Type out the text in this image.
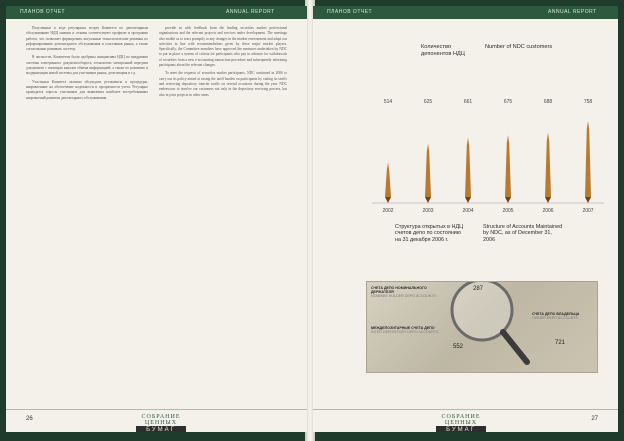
ПЛАНОВ ОТЧЕТ	ANNUAL REPORT

Полученные в ходе регулярных встреч Комитета по депозитарным обслуживанию НДЦ мнения и отзывы соответствуют профилю и программе работы, что позволяет формировать актуальные технологические решения по реформированию депозитарного обслуживания и участников рынка, а также согласованно развивать систему.

В частности, Комитетом были одобрены инициативы НДЦ по внедрению системы электронного документооборота, технологии электронной передачи документов с помощью каналов обмена информацией, а также по развитию и модернизации новой системы для участников рынка, депозитария и т.д.

Участники Комитета активно обсуждали регламенты и процедуры, направленные на обеспечение надежности и прозрачности учета. Регулярно проводятся опросы участников для выявления наиболее востребованных направлений развития депозитарного обслуживания.

provide us with feedback from the leading securities market professional organisations and the relevant projects and services under development. The meetings also enable us to react promptly to any changes in the market environment and adapt our activities in line with recommendations given by these major market players. Specifically, the Committee members have approved the measures undertaken by NDC to put in place a system of criteria for participants who pay in advance for withdrawals of securities from a new e-accounting transaction procedure and subsequently informing participants about the relevant changes.

To meet the requests of securities market participants, NDC continued in 2006 to carry out its policy aimed at easing the tariff burden on participants by cutting its tariffs and reviewing depository transfer tariffs on several occasions during the year. NDC endeavours to involve our customers not only in the depository servicing process, but also in joint projects in other areas.

26	СОБРАНИЕ ЦЕННЫХ
БУМАГ
ПЛАНОВ ОТЧЕТ	ANNUAL REPORT
Количество депонентов НДЦ
Number of NDC customers
514
2002
625
2003
661
2004
675
2005
688
2006
758
2007
Структура открытых в НДЦ счетов депо по состоянию на 31 декабря 2006 г.
Structure of Accounts Maintained by NDC, as of December 31, 2006
СЧЕТА ДЕПО НОМИНАЛЬНОГО ДЕРЖАТЕЛЯ
NOMINEE HOLDER DEPO ACCOUNTS
МЕЖДЕПОЗИТАРНЫЕ СЧЕТА ДЕПО
INTER-DEPOSITORY DEPO ACCOUNTS
СЧЕТА ДЕПО ВЛАДЕЛЬЦА
OWNER DEPO ACCOUNTS
287
552
721
СОБРАНИЕ ЦЕННЫХ
БУМАГ
27
